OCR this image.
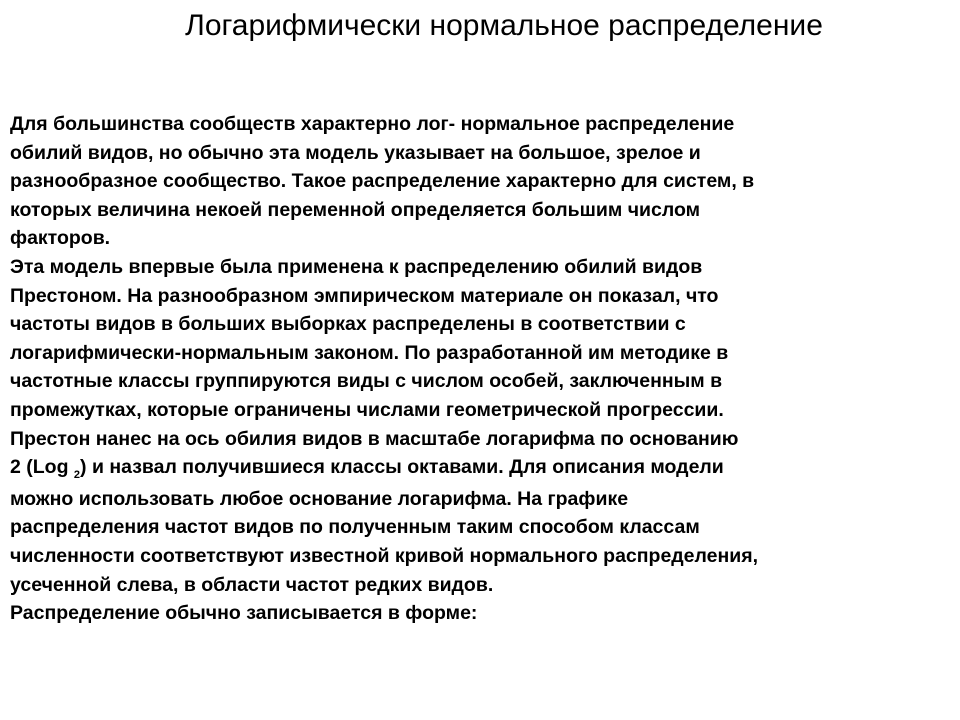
Логарифмически нормальное распределение

Для большинства сообществ характерно лог- нормальное распределение
обилий видов, но обычно эта модель указывает на большое, зрелое и
разнообразное сообщество. Такое распределение характерно для систем, в
которых величина некоей переменной определяется большим числом
факторов.

Эта модель впервые была применена к распределению обилий видов
Престоном. На разнообразном эмпирическом материале он показал, что
частоты видов в больших выборках распределены в соответствии с
логарифмически-нормальным законом. По разработанной им методике в
частотные классы группируются виды с числом особей, заключенным в
промежутках, которые ограничены числами геометрической прогрессии.
Престон нанес на ось обилия видов в масштабе логарифма по основанию
2 (Log $_2$) и назвал получившиеся классы октавами. Для описания модели
можно использовать любое основание логарифма. На графике
распределения частот видов по полученным таким способом классам
численности соответствуют известной кривой нормального распределения,
усеченной слева, в области частот редких видов.

Распределение обычно записывается в форме:
